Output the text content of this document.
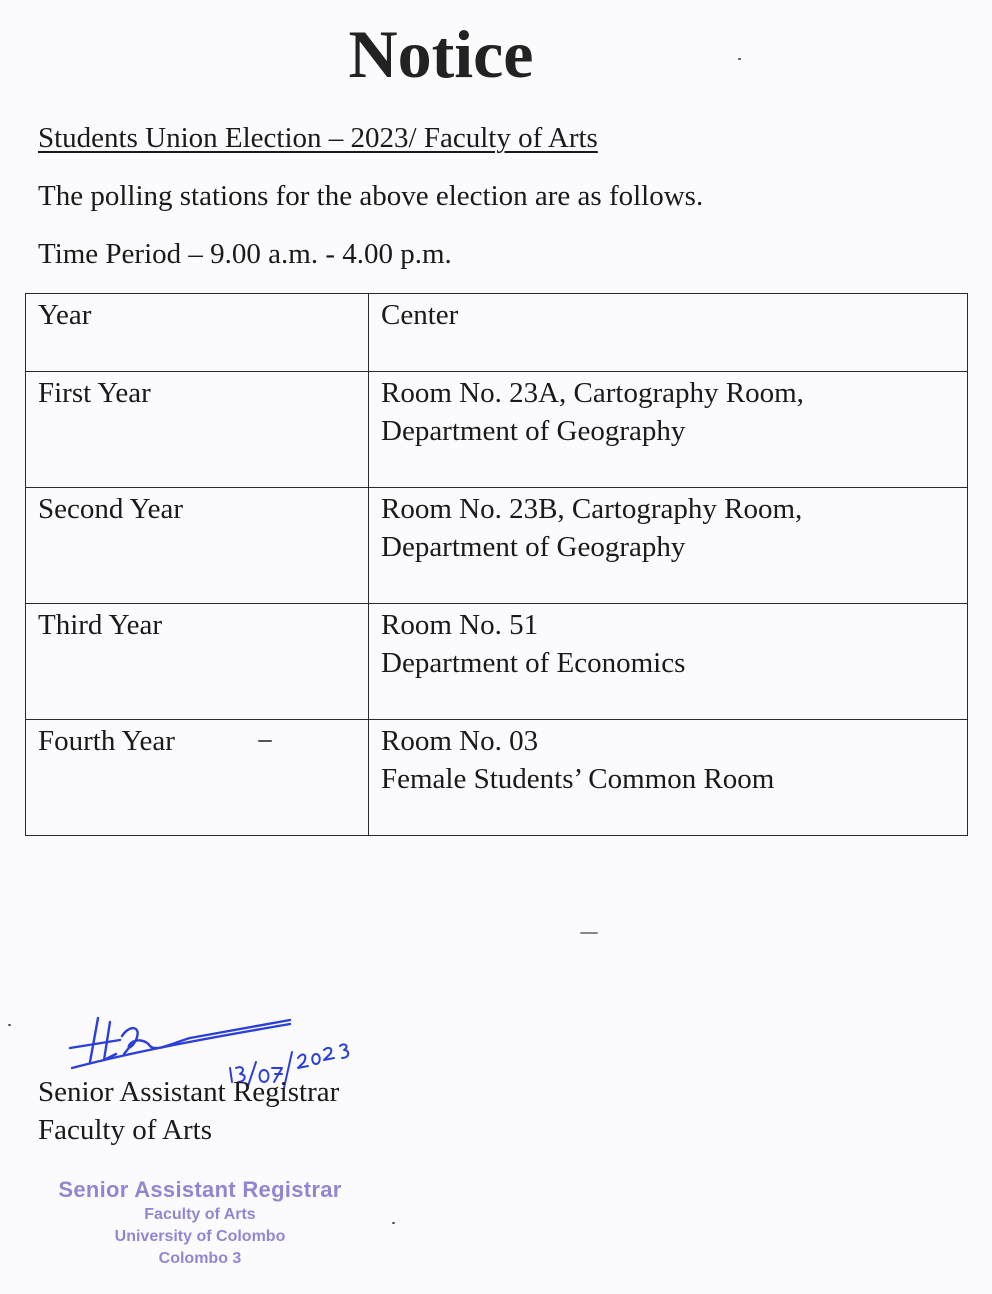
Notice
Students Union Election – 2023/ Faculty of Arts
The polling stations for the above election are as follows.
Time Period – 9.00 a.m. - 4.00 p.m.
Year	Center
First Year	Room No. 23A, Cartography Room,
Department of Geography

Second Year	Room No. 23B, Cartography Room,
Department of Geography

Third Year	Room No. 51
Department of Economics

Fourth Year	Room No. 03
Female Students’ Common Room
Senior Assistant Registrar
Faculty of Arts
Senior Assistant Registrar
Faculty of Arts
University of Colombo
Colombo 3
